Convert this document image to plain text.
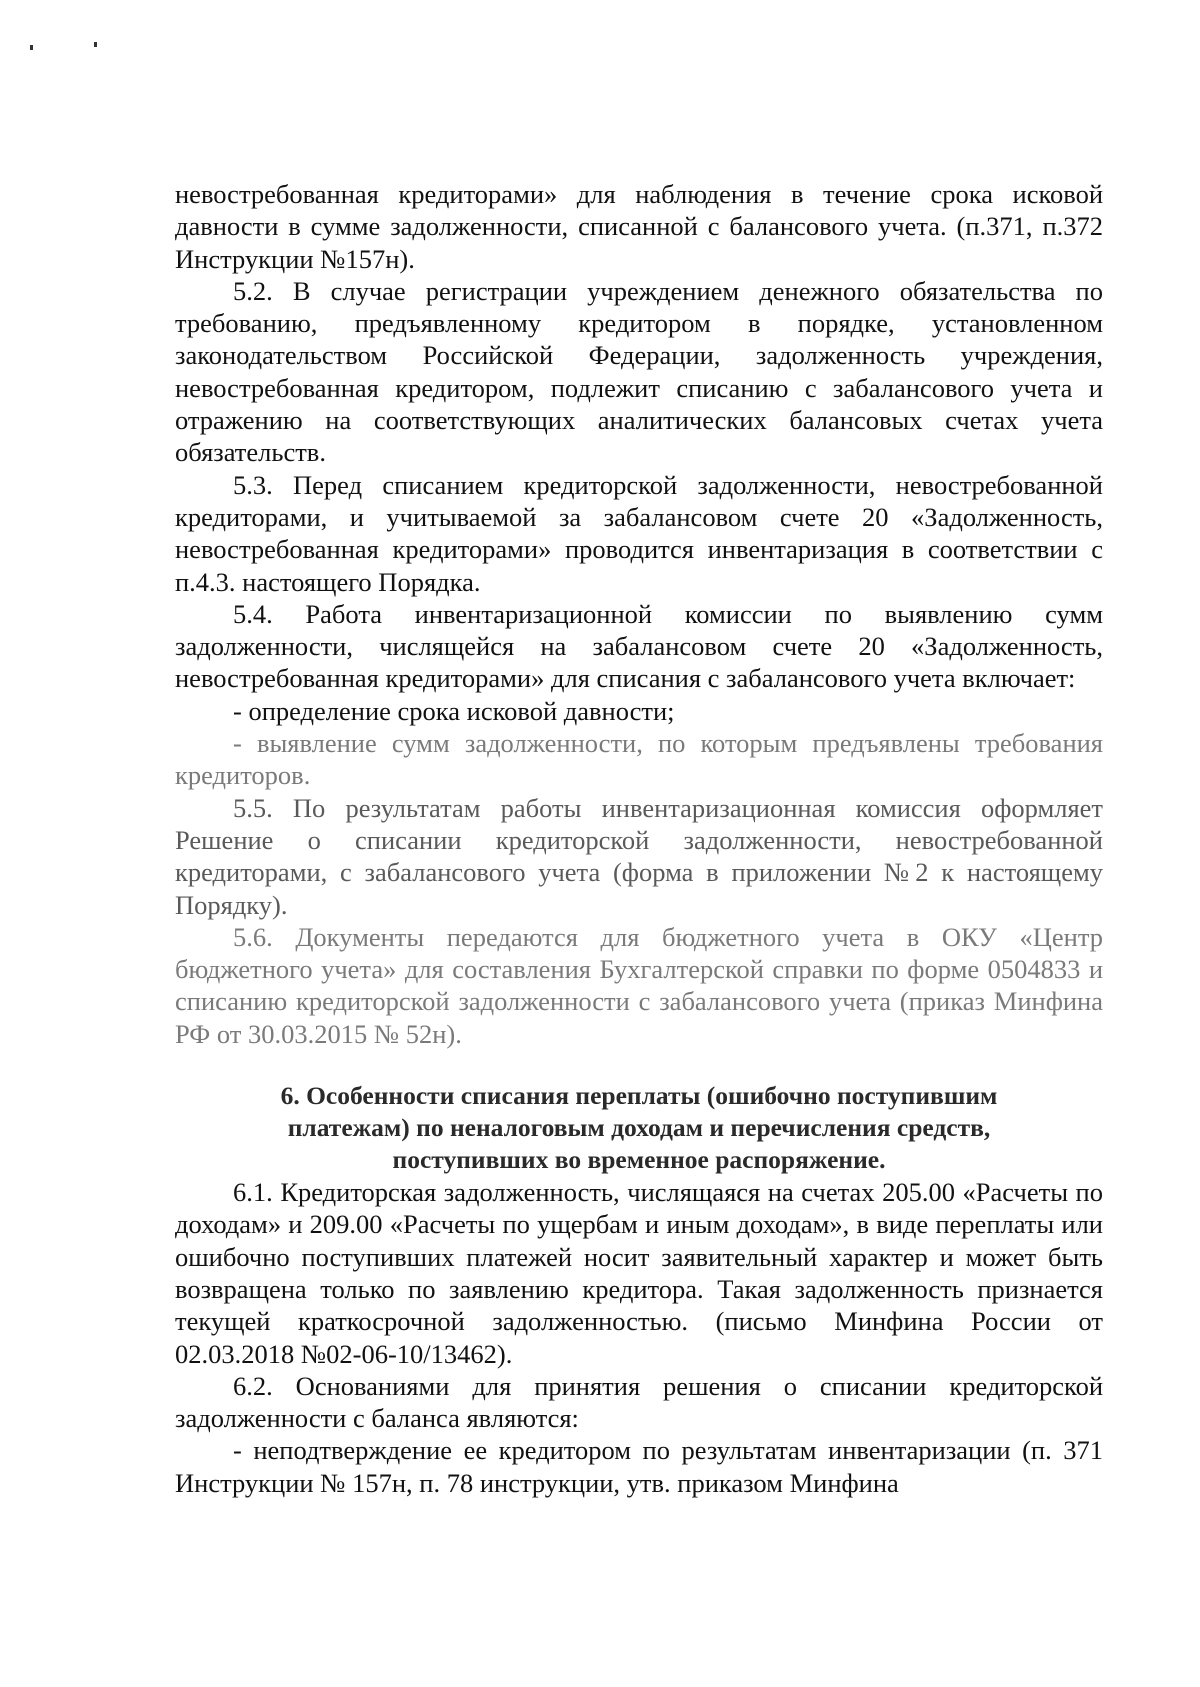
невостребованная кредиторами» для наблюдения в течение срока исковой давности в сумме задолженности, списанной с балансового учета. (п.371, п.372 Инструкции №157н).

5.2. В случае регистрации учреждением денежного обязательства по требованию, предъявленному кредитором в порядке, установленном законодательством Российской Федерации, задолженность учреждения, невостребованная кредитором, подлежит списанию с забалансового учета и отражению на соответствующих аналитических балансовых счетах учета обязательств.

5.3. Перед списанием кредиторской задолженности, невостребованной кредиторами, и учитываемой за забалансовом счете 20 «Задолженность, невостребованная кредиторами» проводится инвентаризация в соответствии с п.4.3. настоящего Порядка.

5.4. Работа инвентаризационной комиссии по выявлению сумм задолженности, числящейся на забалансовом счете 20 «Задолженность, невостребованная кредиторами» для списания с забалансового учета включает:

- определение срока исковой давности;

- выявление сумм задолженности, по которым предъявлены требования кредиторов.

5.5. По результатам работы инвентаризационная комиссия оформляет Решение о списании кредиторской задолженности, невостребованной кредиторами, с забалансового учета (форма в приложении №2 к настоящему Порядку).

5.6. Документы передаются для бюджетного учета в ОКУ «Центр бюджетного учета» для составления Бухгалтерской справки по форме 0504833 и списанию кредиторской задолженности с забалансового учета (приказ Минфина РФ от 30.03.2015 № 52н).

6. Особенности списания переплаты (ошибочно поступившим
платежам) по неналоговым доходам и перечисления средств,
поступивших во временное распоряжение.

6.1. Кредиторская задолженность, числящаяся на счетах 205.00 «Расчеты по доходам» и 209.00 «Расчеты по ущербам и иным доходам», в виде переплаты или ошибочно поступивших платежей носит заявительный характер и может быть возвращена только по заявлению кредитора. Такая задолженность признается текущей краткосрочной задолженностью. (письмо Минфина России от 02.03.2018 №02-06-10/13462).

6.2. Основаниями для принятия решения о списании кредиторской задолженности с баланса являются:

- неподтверждение ее кредитором по результатам инвентаризации (п. 371 Инструкции № 157н, п. 78 инструкции, утв. приказом Минфина
